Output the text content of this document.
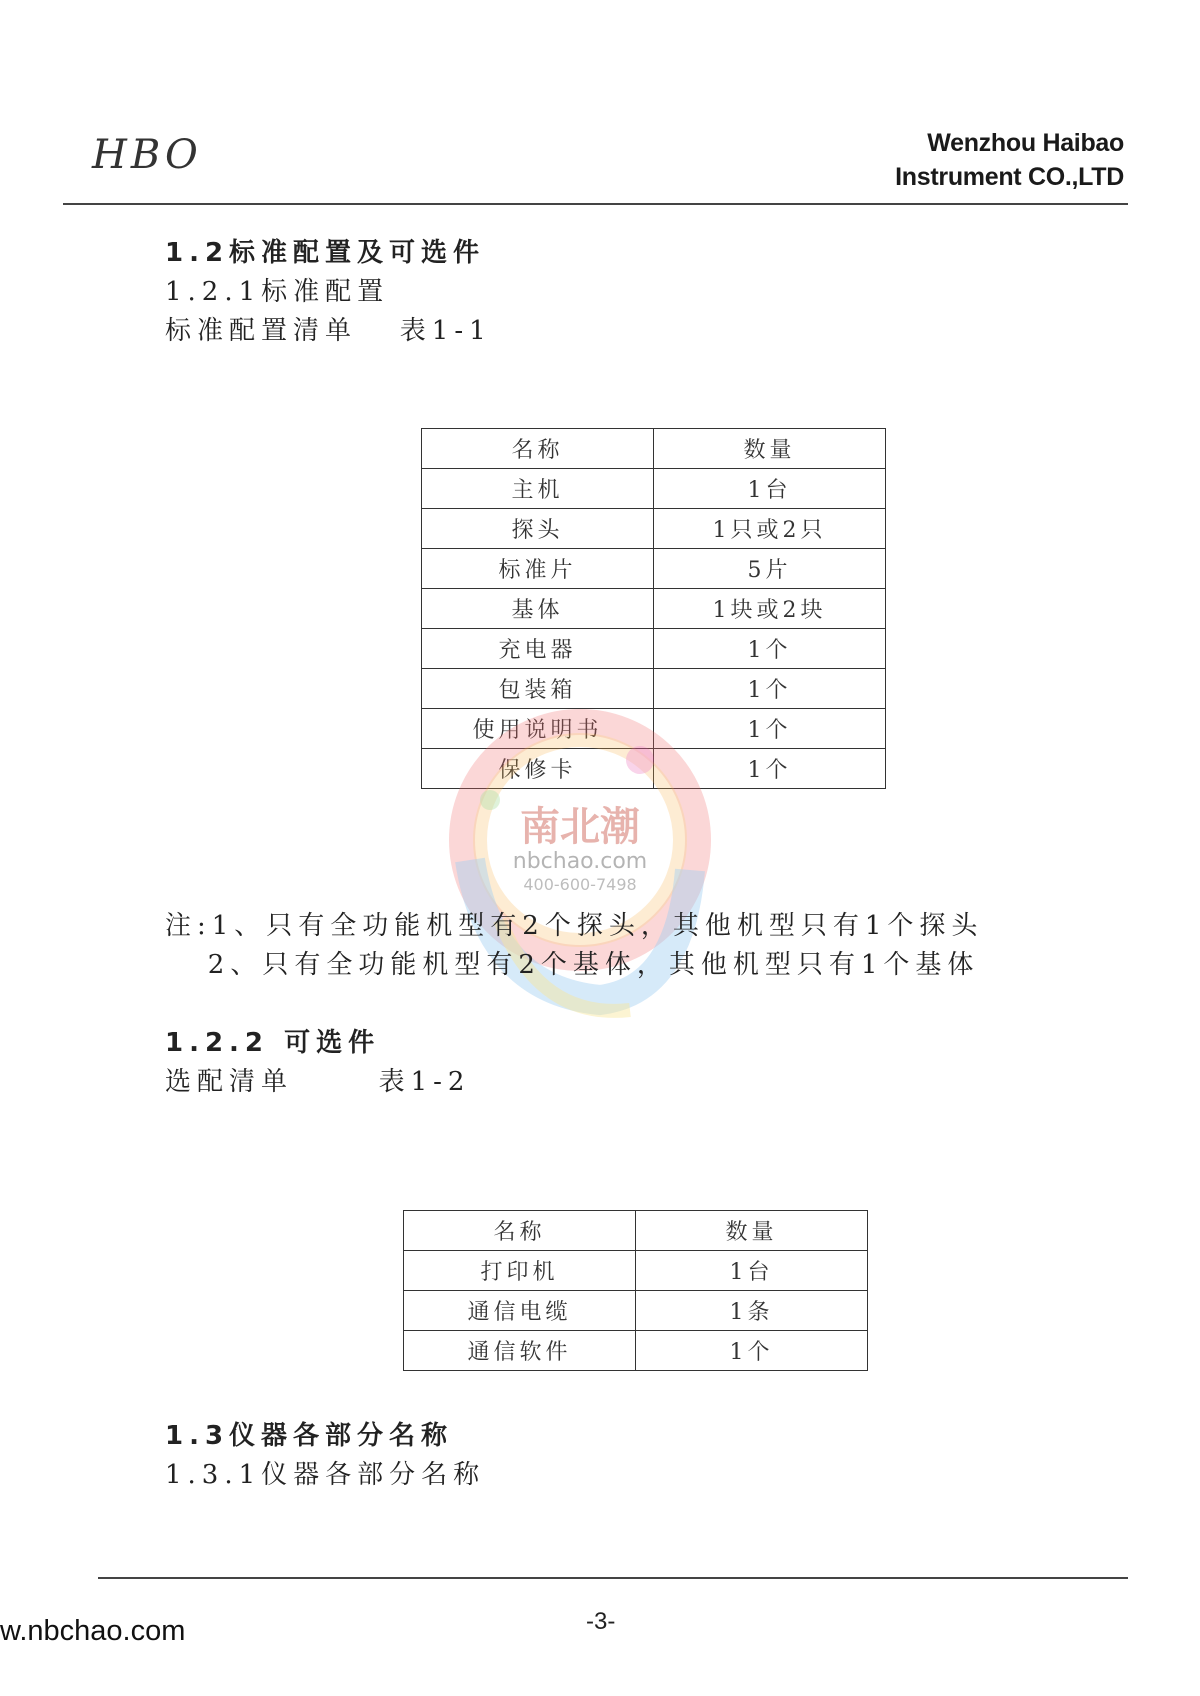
HBO	Wenzhou Haibao
Instrument CO.,LTD
1.2标准配置及可选件
1.2.1标准配置
标准配置清单   表1-1
名称	数量
主机	1台
探头	1只或2只
标准片	5片
基体	1块或2块
充电器	1个
包装箱	1个
使用说明书	1个
保修卡	1个
南北潮
nbchao.com
400-600-7498
注:1、只有全功能机型有2个探头，其他机型只有1个探头
2、只有全功能机型有2个基体，其他机型只有1个基体
1.2.2 可选件
选配清单      表1-2
名称	数量
打印机	1台
通信电缆	1条
通信软件	1个
1.3仪器各部分名称
1.3.1仪器各部分名称
w.nbchao.com	-3-
